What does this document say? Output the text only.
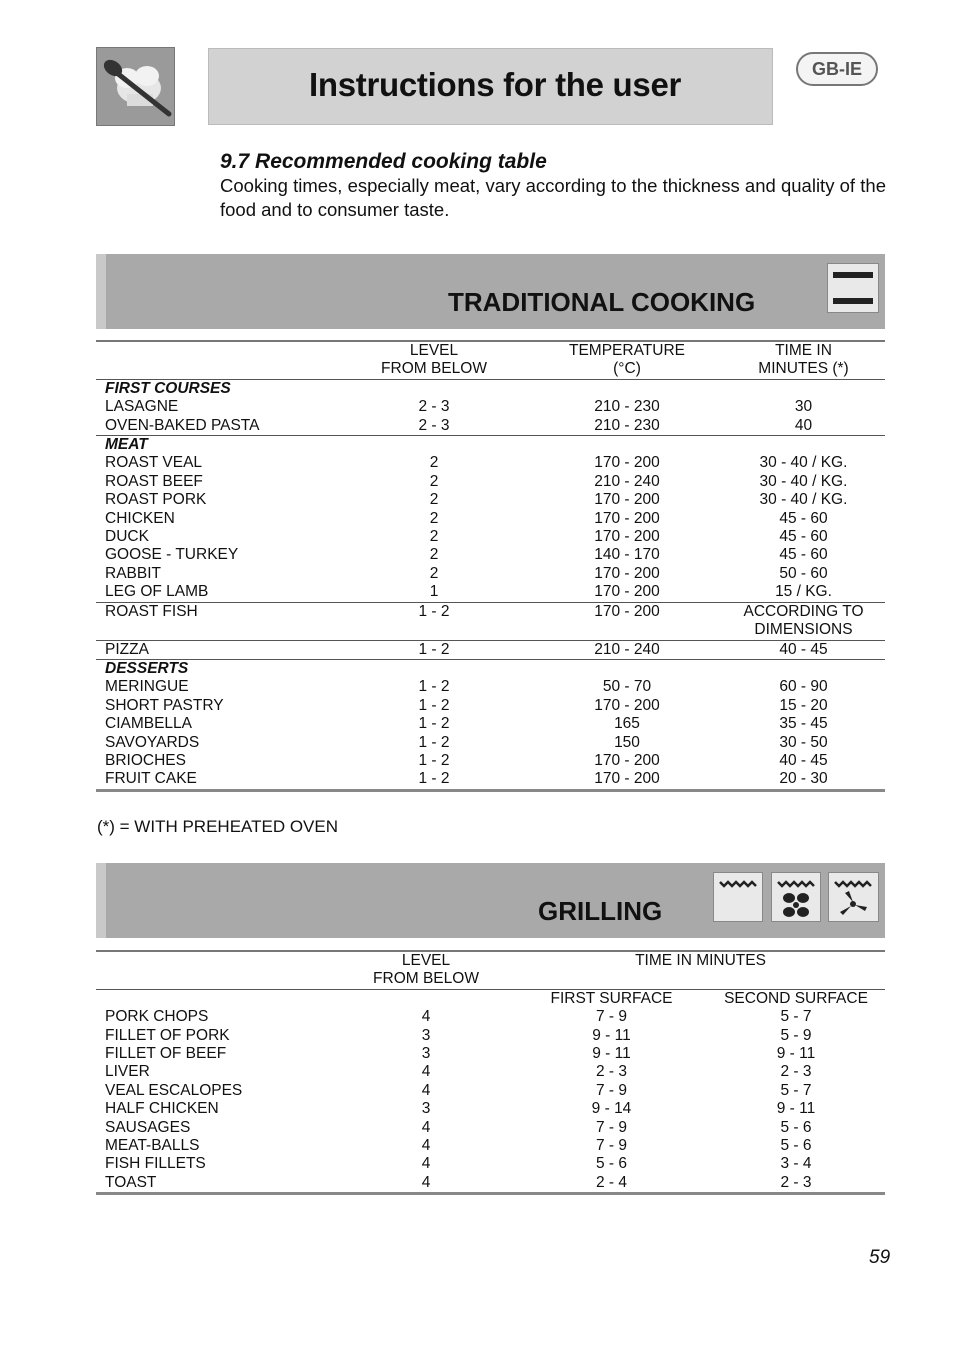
Instructions for the user	GB-IE
9.7 Recommended cooking table
Cooking times, especially meat, vary according to the thickness and quality of the food and to consumer taste.
TRADITIONAL COOKING
	LEVEL	TEMPERATURE	TIME IN
	FROM BELOW	(°C)	MINUTES (*)
FIRST COURSES			
LASAGNE	2 - 3	210 - 230	30
OVEN-BAKED PASTA	2 - 3	210 - 230	40
MEAT			
ROAST VEAL	2	170 - 200	30 - 40 / KG.
ROAST BEEF	2	210 - 240	30 - 40 / KG.
ROAST PORK	2	170 - 200	30 - 40 / KG.
CHICKEN	2	170 - 200	45 - 60
DUCK	2	170 - 200	45 - 60
GOOSE - TURKEY	2	140 - 170	45 - 60
RABBIT	2	170 - 200	50 - 60
LEG OF LAMB	1	170 - 200	15 / KG.
ROAST FISH	1 - 2	170 - 200	ACCORDING TO
			DIMENSIONS
PIZZA	1 - 2	210 - 240	40 - 45
DESSERTS			
MERINGUE	1 - 2	50 - 70	60 - 90
SHORT PASTRY	1 - 2	170 - 200	15 - 20
CIAMBELLA	1 - 2	165	35 - 45
SAVOYARDS	1 - 2	150	30 - 50
BRIOCHES	1 - 2	170 - 200	40 - 45
FRUIT CAKE	1 - 2	170 - 200	20 - 30
(*) = WITH PREHEATED OVEN
GRILLING
	LEVEL	TIME IN MINUTES	
	FROM BELOW		
		FIRST SURFACE	SECOND SURFACE
PORK CHOPS	4	7 - 9	5 - 7
FILLET OF PORK	3	9 - 11	5 - 9
FILLET OF BEEF	3	9 - 11	9 - 11
LIVER	4	2 - 3	2 - 3
VEAL ESCALOPES	4	7 - 9	5 - 7
HALF CHICKEN	3	9 - 14	9 - 11
SAUSAGES	4	7 - 9	5 - 6
MEAT-BALLS	4	7 - 9	5 - 6
FISH FILLETS	4	5 - 6	3 - 4
TOAST	4	2 - 4	2 - 3
59
